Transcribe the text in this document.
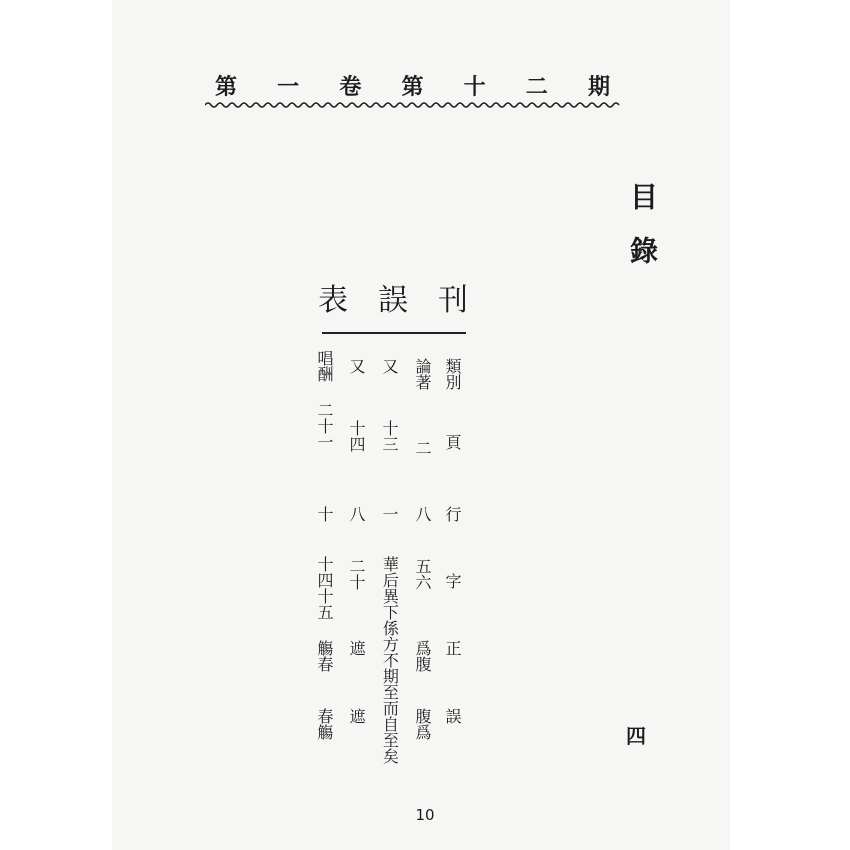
期
二
十
第
卷
一
第
目錄
四
刊
誤
表
類別
頁
行
字
正
誤
論著
二
八
五六
爲腹
腹爲
又
十三
一
華后異下係方不期至而自至矣
又
十四
八
二十
遮
遮
唱酬
二十一
十
十四十五
觴春
春觴
10
